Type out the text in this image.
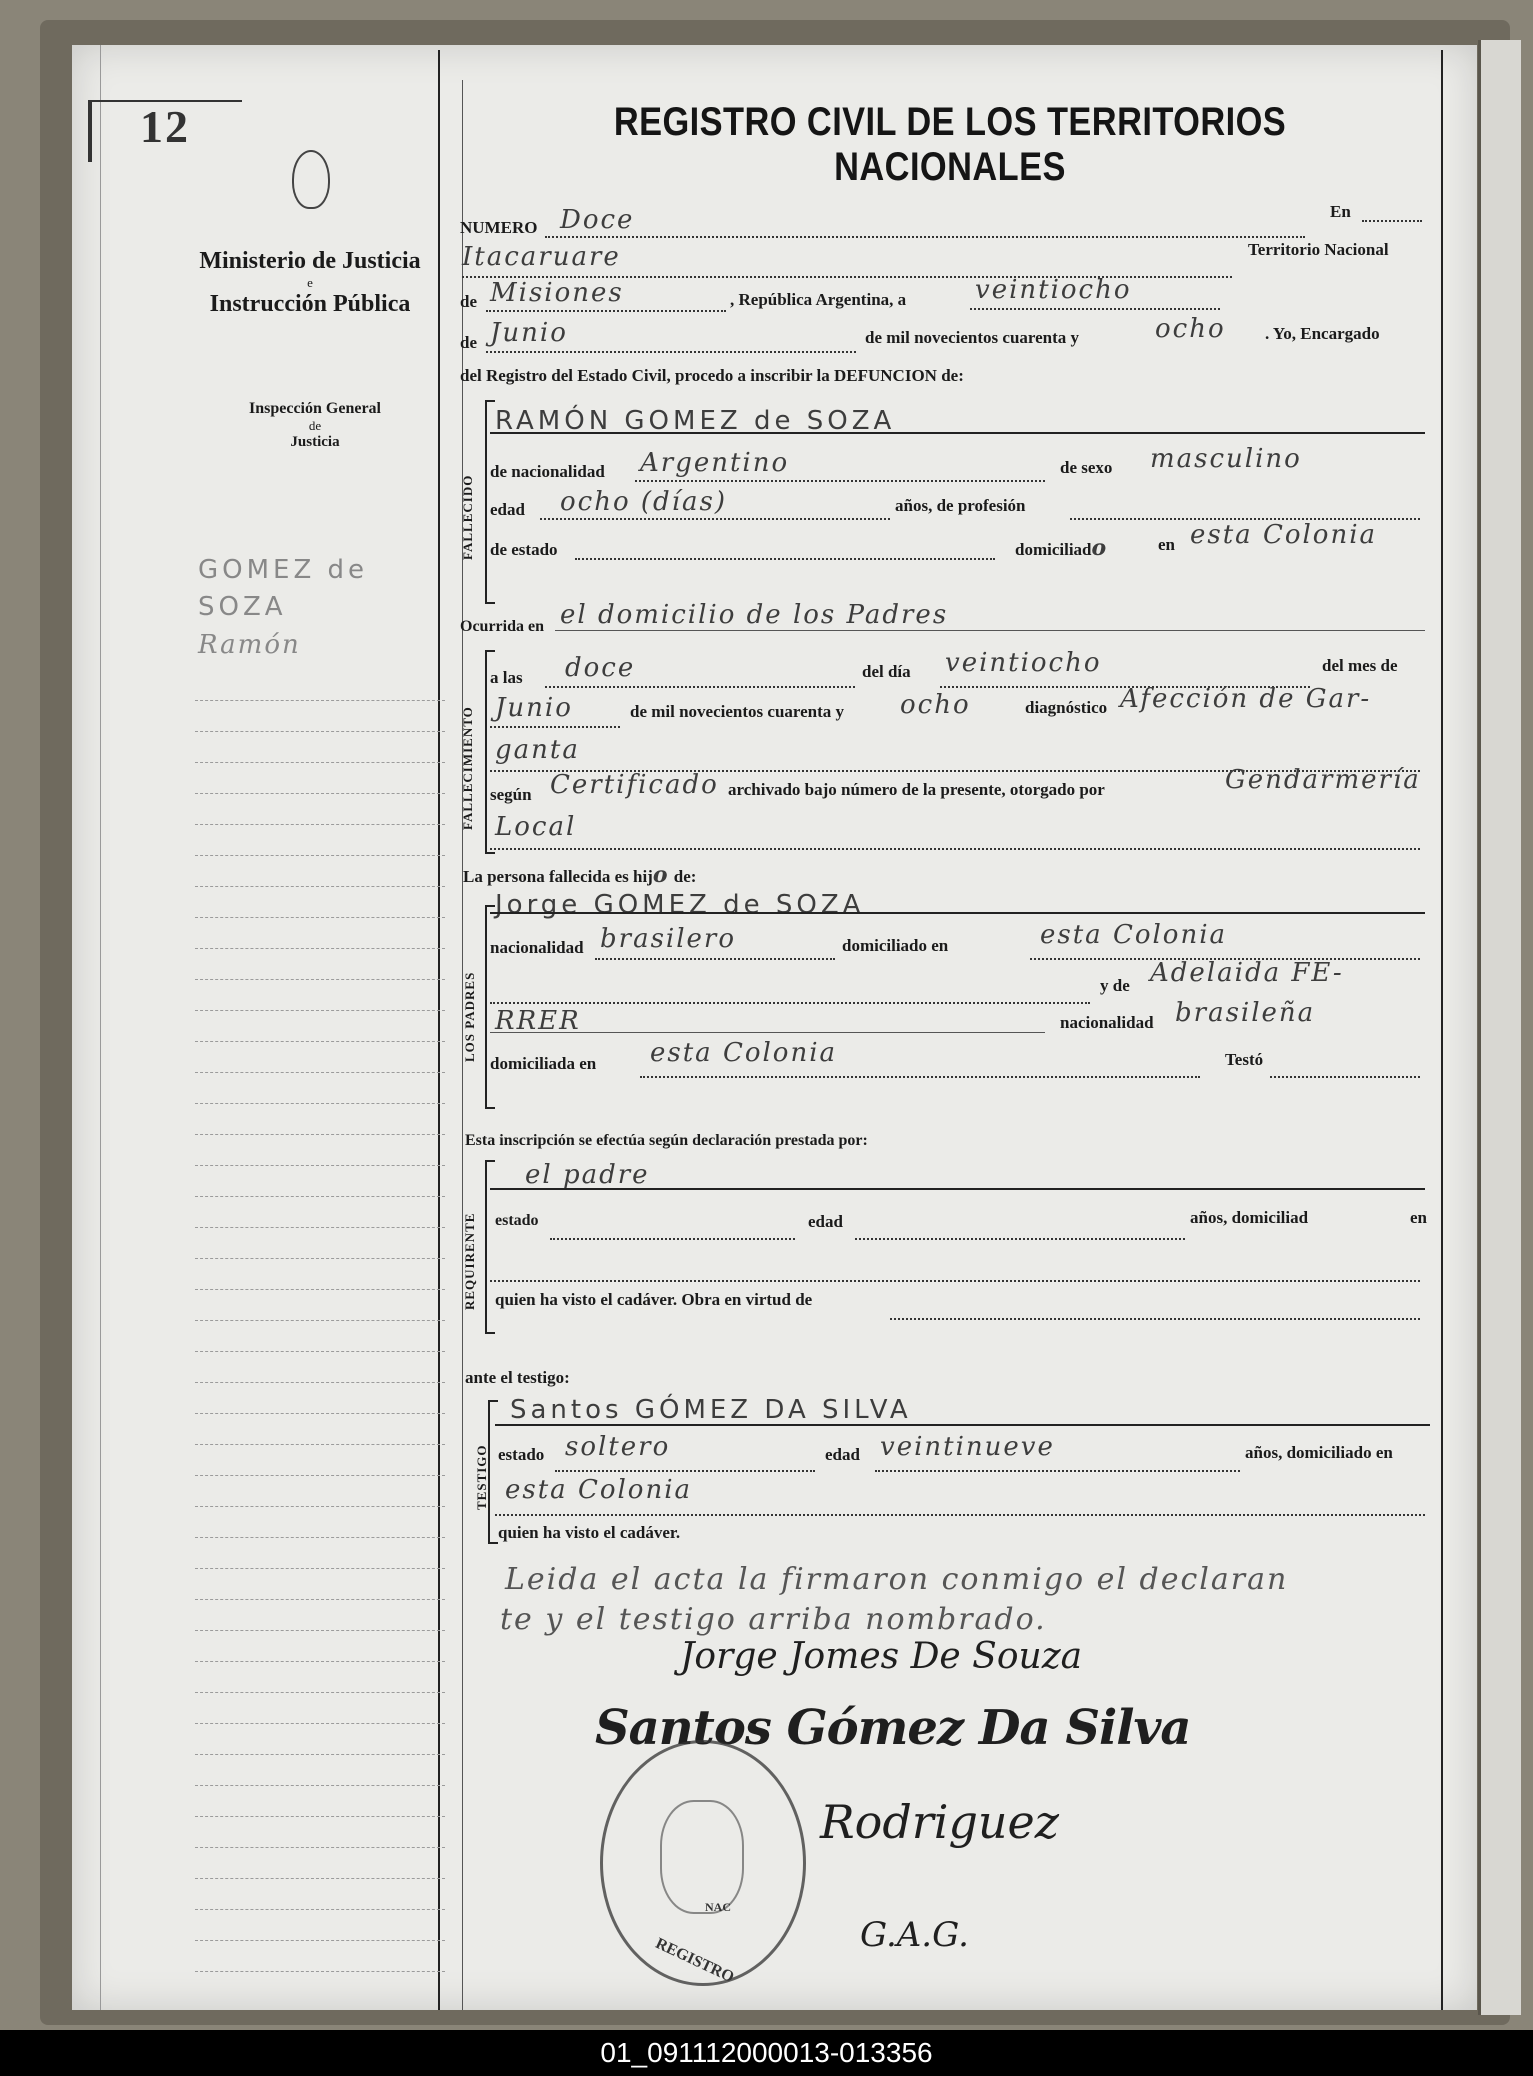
12
Ministerio de Justicia
e
Instrucción Pública
Inspección General
de
Justicia
GOMEZ de
SOZA
Ramón
REGISTRO CIVIL DE LOS TERRITORIOS NACIONALES
NUMERO Doce	En
Itacaruare	Territorio Nacional
de Misiones	, República Argentina, a	veintiocho
de Junio	de mil novecientos cuarenta y	ocho . Yo, Encargado
del Registro del Estado Civil, procedo a inscribir la DEFUNCION de:
FALLECIDO
RAMÓN GOMEZ de SOZA
de nacionalidad Argentino	de sexo masculino
edad ocho (días)	años, de profesión
de estado	domiciliado	en esta Colonia
Ocurrida en el domicilio de los Padres
FALLECIMIENTO
a las doce	del día veintiocho	del mes de
Junio	de mil novecientos cuarenta y ocho	diagnóstico Afección de Gar-
ganta
según Certificado archivado bajo número de la presente, otorgado por	Gendarmería
Local
La persona fallecida es hijo de:
LOS PADRES
Jorge GOMEZ de SOZA
nacionalidad brasilero	domiciliado en	esta Colonia
y de Adelaida FE-
RRER	nacionalidad brasileña
domiciliada en esta Colonia	Testó
Esta inscripción se efectúa según declaración prestada por:
REQUIRENTE
el padre
estado	edad	años, domiciliad	en
quien ha visto el cadáver. Obra en virtud de
ante el testigo:
TESTIGO
Santos GÓMEZ DA SILVA
estado soltero	edad veintinueve	años, domiciliado en
esta Colonia
quien ha visto el cadáver.
Leida el acta la firmaron conmigo el declaran
te y el testigo arriba nombrado.
Jorge Jomes De Souza
Santos Gómez Da Silva
Rodriguez
G.A.G.
REGISTRO
NAC
01_091112000013-013356
